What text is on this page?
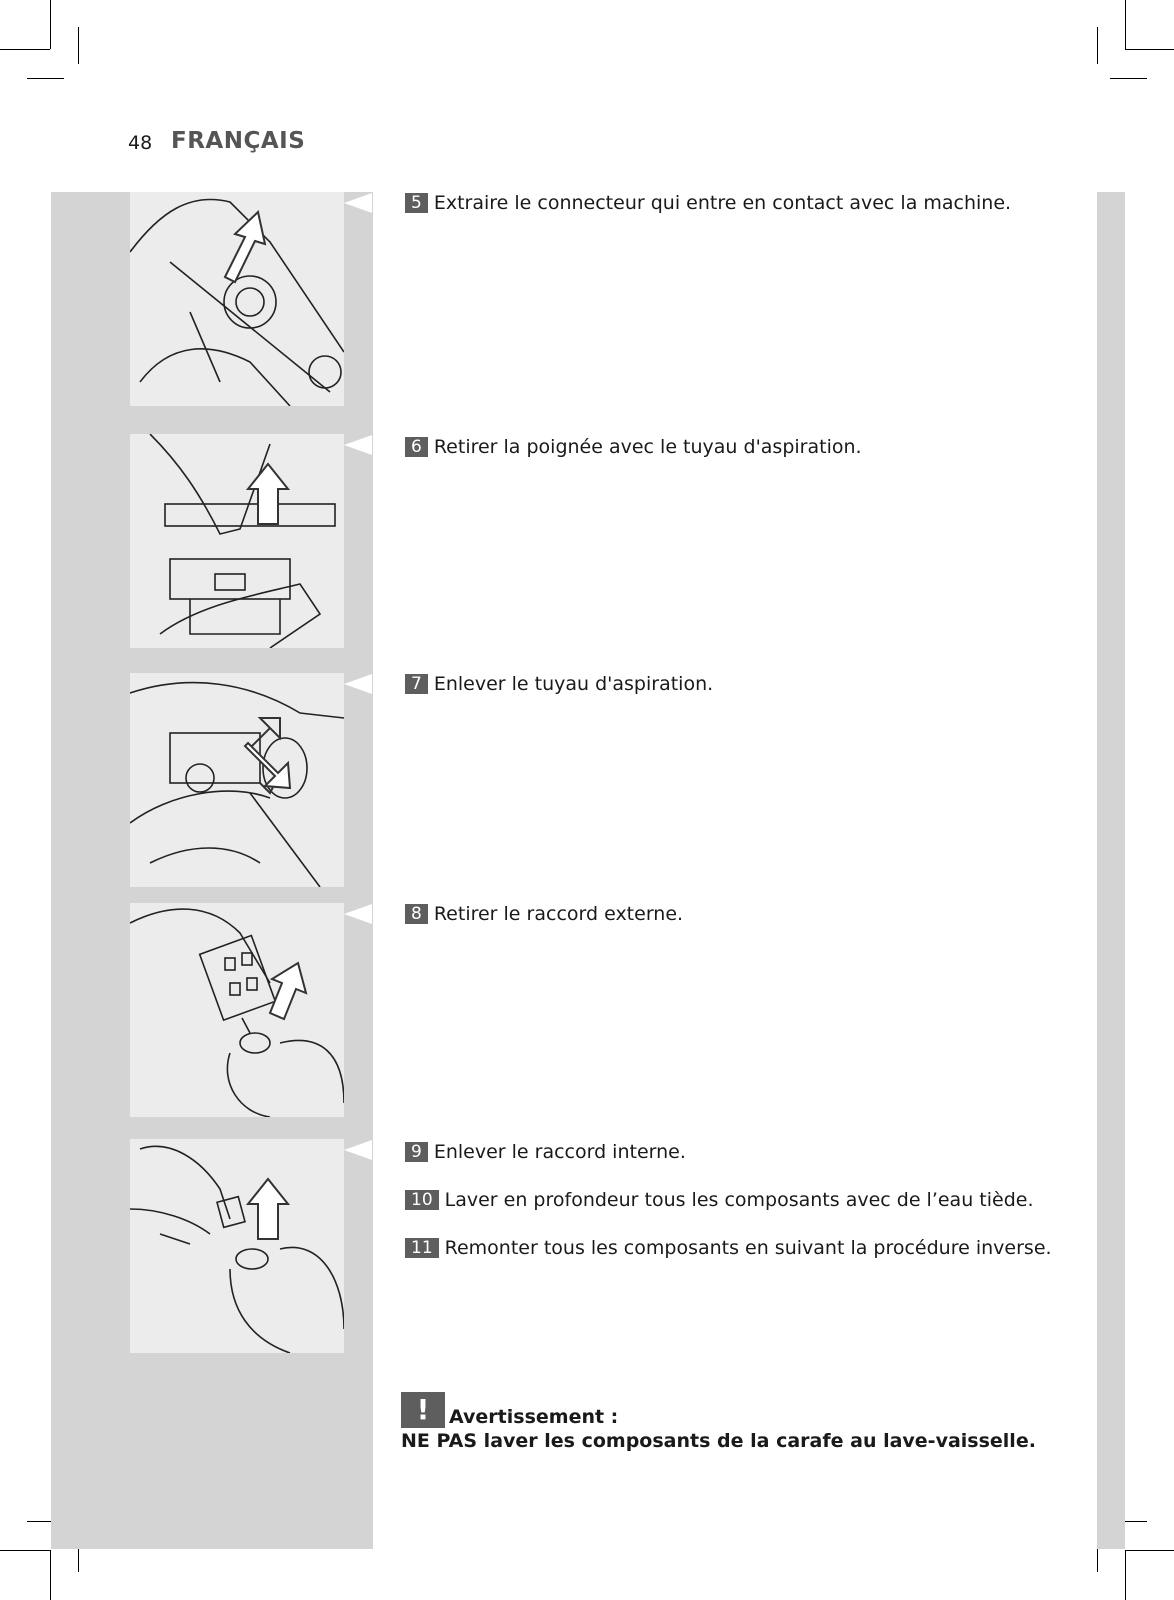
48 FRANÇAIS
5 Extraire le connecteur qui entre en contact avec la machine.
6 Retirer la poignée avec le tuyau d'aspiration.
7 Enlever le tuyau d'aspiration.
8 Retirer le raccord externe.
9 Enlever le raccord interne.
10 Laver en profondeur tous les composants avec de l’eau tiède.
11 Remonter tous les composants en suivant la procédure inverse.
! Avertissement :
NE PAS laver les composants de la carafe au lave-vaisselle.
